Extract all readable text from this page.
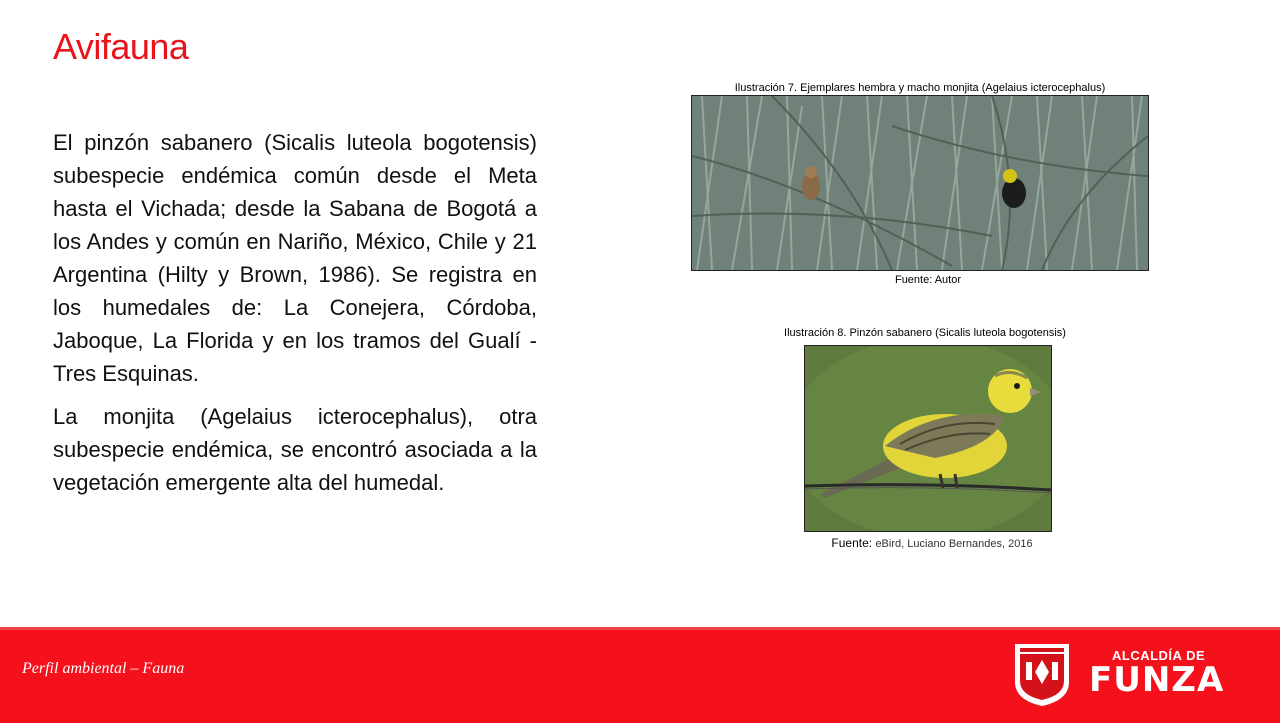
Avifauna

El pinzón sabanero (Sicalis luteola bogotensis) subespecie endémica común desde el Meta hasta el Vichada; desde la Sabana de Bogotá a los Andes y común en Nariño, México, Chile y 21 Argentina (Hilty y Brown, 1986). Se registra en los humedales de: La Conejera, Córdoba, Jaboque, La Florida y en los tramos del Gualí - Tres Esquinas.

La monjita (Agelaius icterocephalus), otra subespecie endémica, se encontró asociada a la vegetación emergente alta del humedal.

Ilustración 7. Ejemplares hembra y macho monjita (Agelaius icterocephalus)
Fuente: Autor
Ilustración 8. Pinzón sabanero (Sicalis luteola bogotensis)
Fuente: eBird, Luciano Bernandes, 2016
Perfil ambiental – Fauna
ALCALDÍA DE
FUNZA
